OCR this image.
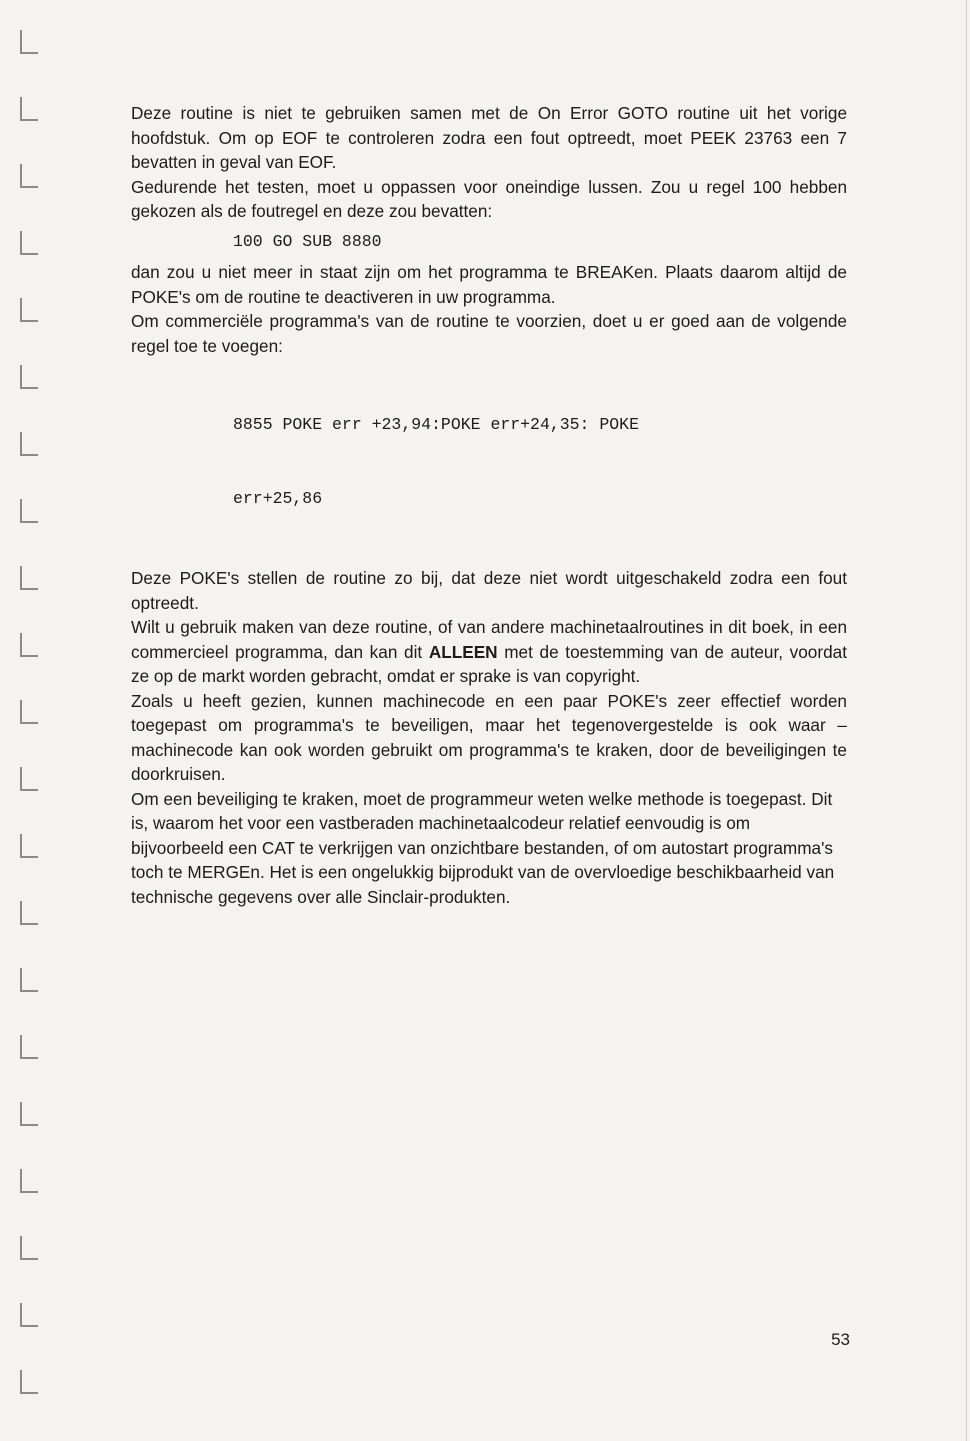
Deze routine is niet te gebruiken samen met de On Error GOTO routine uit het vorige hoofdstuk. Om op EOF te controleren zodra een fout optreedt, moet PEEK 23763 een 7 bevatten in geval van EOF.

Gedurende het testen, moet u oppassen voor oneindige lussen. Zou u regel 100 hebben gekozen als de foutregel en deze zou bevatten:

100 GO SUB 8880

dan zou u niet meer in staat zijn om het programma te BREAKen. Plaats daarom altijd de POKE's om de routine te deactiveren in uw programma.

Om commerciële programma's van de routine te voorzien, doet u er goed aan de volgende regel toe te voegen:

8855 POKE err +23,94:POKE err+24,35: POKE

err+25,86

Deze POKE's stellen de routine zo bij, dat deze niet wordt uitgeschakeld zodra een fout optreedt.

Wilt u gebruik maken van deze routine, of van andere machinetaalroutines in dit boek, in een commercieel programma, dan kan dit ALLEEN met de toestemming van de auteur, voordat ze op de markt worden gebracht, omdat er sprake is van copyright.

Zoals u heeft gezien, kunnen machinecode en een paar POKE's zeer effectief worden toegepast om programma's te beveiligen, maar het tegenovergestelde is ook waar – machinecode kan ook worden gebruikt om programma's te kraken, door de beveiligingen te doorkruisen.

Om een beveiliging te kraken, moet de programmeur weten welke methode is toegepast. Dit is, waarom het voor een vastberaden machinetaalcodeur relatief eenvoudig is om bijvoorbeeld een CAT te verkrijgen van onzichtbare bestanden, of om autostart programma's toch te MERGEn. Het is een ongelukkig bijprodukt van de overvloedige beschikbaarheid van technische gegevens over alle Sinclair-produkten.

53
